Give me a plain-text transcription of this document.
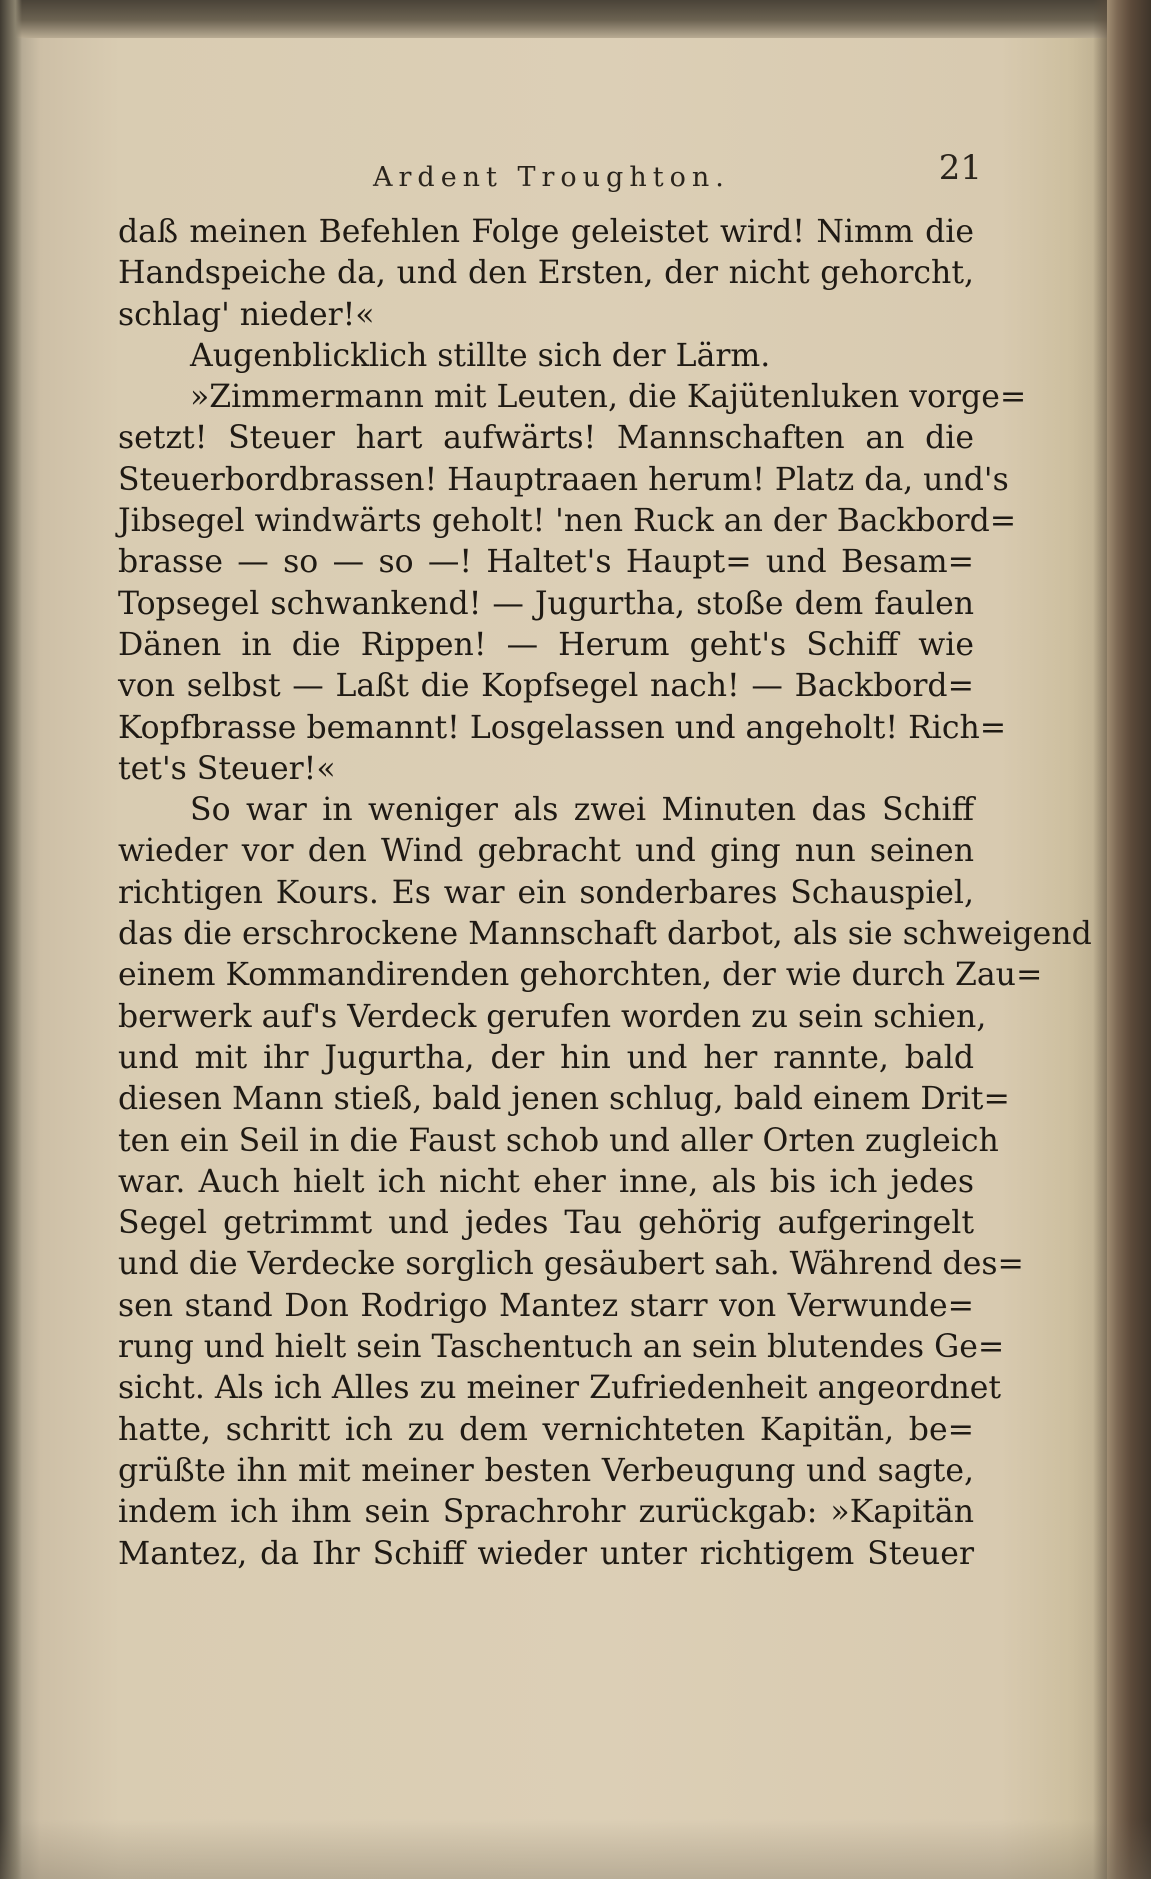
Ardent Troughton.	21
daß meinen Befehlen Folge geleistet wird! Nimm die
Handspeiche da, und den Ersten, der nicht gehorcht,
schlag' nieder!«
Augenblicklich stillte sich der Lärm.
»Zimmermann mit Leuten, die Kajütenluken vorge=
setzt! Steuer hart aufwärts! Mannschaften an die
Steuerbordbrassen! Hauptraaen herum! Platz da, und's
Jibsegel windwärts geholt! 'nen Ruck an der Backbord=
brasse — so — so —! Haltet's Haupt= und Besam=
Topsegel schwankend! — Jugurtha, stoße dem faulen
Dänen in die Rippen! — Herum geht's Schiff wie
von selbst — Laßt die Kopfsegel nach! — Backbord=
Kopfbrasse bemannt! Losgelassen und angeholt! Rich=
tet's Steuer!«
So war in weniger als zwei Minuten das Schiff
wieder vor den Wind gebracht und ging nun seinen
richtigen Kours. Es war ein sonderbares Schauspiel,
das die erschrockene Mannschaft darbot, als sie schweigend
einem Kommandirenden gehorchten, der wie durch Zau=
berwerk auf's Verdeck gerufen worden zu sein schien,
und mit ihr Jugurtha, der hin und her rannte, bald
diesen Mann stieß, bald jenen schlug, bald einem Drit=
ten ein Seil in die Faust schob und aller Orten zugleich
war. Auch hielt ich nicht eher inne, als bis ich jedes
Segel getrimmt und jedes Tau gehörig aufgeringelt
und die Verdecke sorglich gesäubert sah. Während des=
sen stand Don Rodrigo Mantez starr von Verwunde=
rung und hielt sein Taschentuch an sein blutendes Ge=
sicht. Als ich Alles zu meiner Zufriedenheit angeordnet
hatte, schritt ich zu dem vernichteten Kapitän, be=
grüßte ihn mit meiner besten Verbeugung und sagte,
indem ich ihm sein Sprachrohr zurückgab: »Kapitän
Mantez, da Ihr Schiff wieder unter richtigem Steuer
